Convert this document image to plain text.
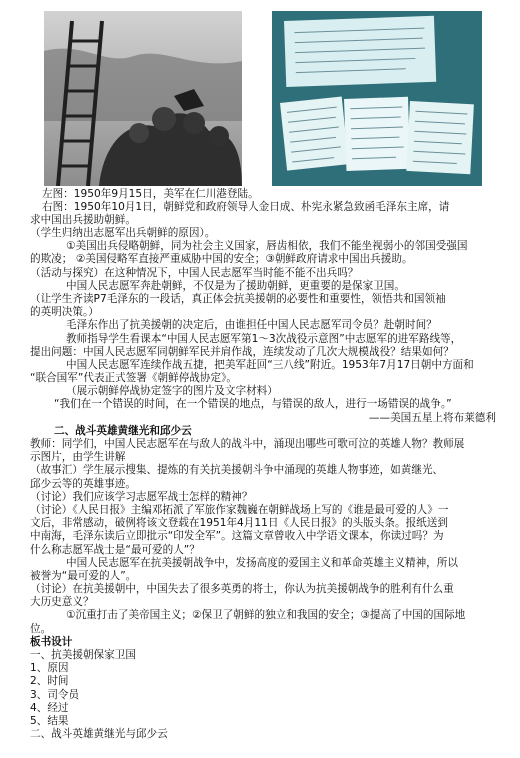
左图：1950年9月15日，美军在仁川港登陆。
右图：1950年10月1日，朝鲜党和政府领导人金日成、朴宪永紧急致函毛泽东主席，请
求中国出兵援助朝鲜。
（学生归纳出志愿军出兵朝鲜的原因）。
①美国出兵侵略朝鲜，同为社会主义国家，唇齿相依，我们不能坐视弱小的邻国受强国
的欺凌； ②美国侵略军直接严重威胁中国的安全；③朝鲜政府请求中国出兵援助。
（活动与探究）在这种情况下，中国人民志愿军当时能不能不出兵吗？
中国人民志愿军奔赴朝鲜，不仅是为了援助朝鲜，更重要的是保家卫国。
（让学生齐读P7毛泽东的一段话，真正体会抗美援朝的必要性和重要性，领悟共和国领袖
的英明决策。）
毛泽东作出了抗美援朝的决定后，由谁担任中国人民志愿军司令员？赴朝时间？
教师指导学生看课本“中国人民志愿军第1～3次战役示意图”中志愿军的进军路线等，
提出问题：中国人民志愿军同朝鲜军民并肩作战，连续发动了几次大规模战役？结果如何？
中国人民志愿军连续作战五捷，把美军赶回“三八线”附近。1953年7月17日朝中方面和
“联合国军”代表正式签署《朝鲜停战协定》。
（展示朝鲜停战协定签字的图片及文字材料）
“我们在一个错误的时间，在一个错误的地点，与错误的敌人，进行一场错误的战争。”
——美国五星上将布莱德利
二、战斗英雄黄继光和邱少云
教师：同学们，中国人民志愿军在与敌人的战斗中，涌现出哪些可歌可泣的英雄人物？教师展
示图片，由学生讲解
（故事汇）学生展示搜集、提炼的有关抗美援朝斗争中涌现的英雄人物事迹，如黄继光、
邱少云等的英雄事迹。
（讨论）我们应该学习志愿军战士怎样的精神？
（讨论）《人民日报》主编邓拓派了军旅作家魏巍在朝鲜战场上写的《谁是最可爱的人》一
文后，非常感动，破例将该文登载在1951年4月11日《人民日报》的头版头条。报纸送到
中南海，毛泽东读后立即批示“印发全军”。这篇文章曾收入中学语文课本，你读过吗？为
什么称志愿军战士是“最可爱的人”？
中国人民志愿军在抗美援朝战争中，发扬高度的爱国主义和革命英雄主义精神，所以
被誉为“最可爱的人”。
（讨论）在抗美援朝中，中国失去了很多英勇的将士，你认为抗美援朝战争的胜利有什么重
大历史意义？
①沉重打击了美帝国主义；②保卫了朝鲜的独立和我国的安全；③提高了中国的国际地
位。
板书设计
一、抗美援朝保家卫国
1、原因
2、时间
3、司令员
4、经过
5、结果
二、战斗英雄黄继光与邱少云
